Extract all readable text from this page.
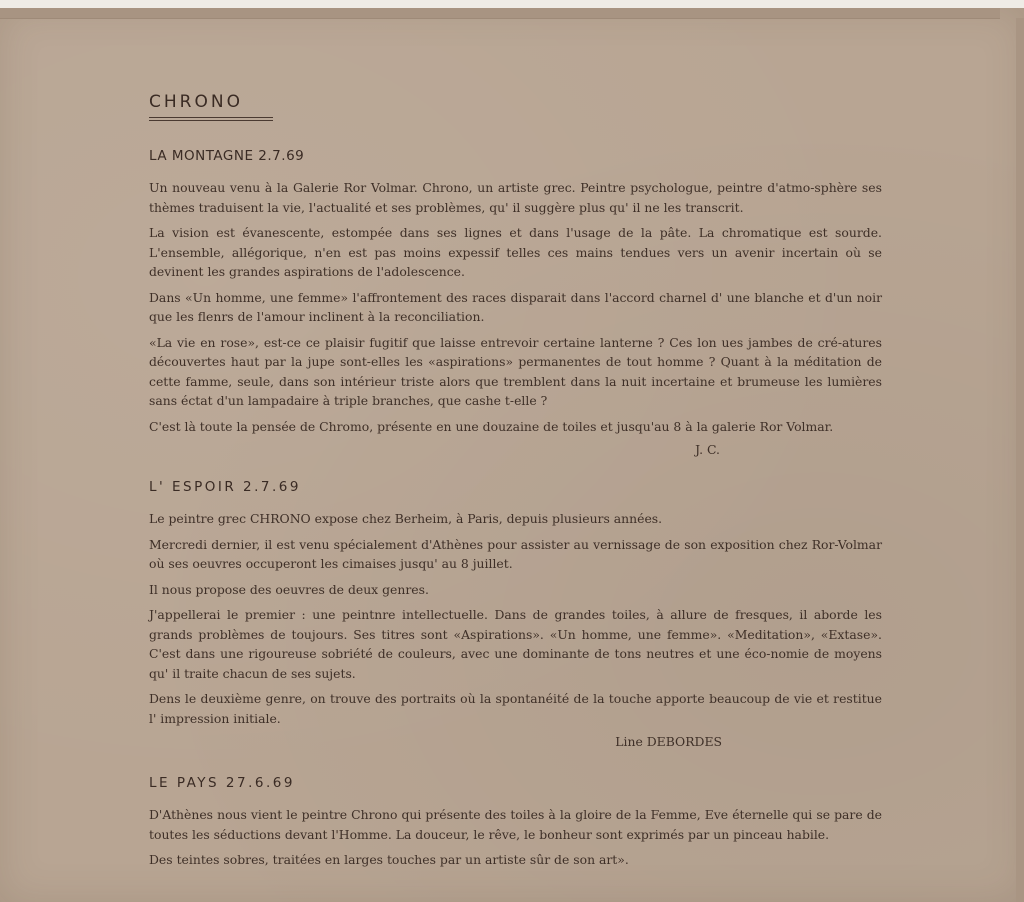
CHRONO
LA MONTAGNE 2.7.69

Un nouveau venu à la Galerie Ror Volmar. Chrono, un artiste grec. Peintre psychologue, peintre d'atmo-sphère ses thèmes traduisent la vie, l'actualité et ses problèmes, qu' il suggère plus qu' il ne les transcrit.

La vision est évanescente, estompée dans ses lignes et dans l'usage de la pâte. La chromatique est sourde. L'ensemble, allégorique, n'en est pas moins expessif telles ces mains tendues vers un avenir incertain où se devinent les grandes aspirations de l'adolescence.

Dans «Un homme, une femme» l'affrontement des races disparait dans l'accord charnel d' une blanche et d'un noir que les flenrs de l'amour inclinent à la reconciliation.

«La vie en rose», est-ce ce plaisir fugitif que laisse entrevoir certaine lanterne ? Ces lon ues jambes de cré-atures découvertes haut par la jupe sont-elles les «aspirations» permanentes de tout homme ? Quant à la méditation de cette famme, seule, dans son intérieur triste alors que tremblent dans la nuit incertaine et brumeuse les lumières sans éctat d'un lampadaire à triple branches, que cashe t-elle ?

C'est là toute la pensée de Chromo, présente en une douzaine de toiles et jusqu'au 8 à la galerie Ror Volmar.

J. C.
L' ESPOIR 2.7.69

Le peintre grec CHRONO expose chez Berheim, à Paris, depuis plusieurs années.

Mercredi dernier, il est venu spécialement d'Athènes pour assister au vernissage de son exposition chez Ror-Volmar où ses oeuvres occuperont les cimaises jusqu' au 8 juillet.

Il nous propose des oeuvres de deux genres.

J'appellerai le premier : une peintnre intellectuelle. Dans de grandes toiles, à allure de fresques, il aborde les grands problèmes de toujours. Ses titres sont «Aspirations». «Un homme, une femme». «Meditation», «Extase». C'est dans une rigoureuse sobriété de couleurs, avec une dominante de tons neutres et une éco-nomie de moyens qu' il traite chacun de ses sujets.

Dens le deuxième genre, on trouve des portraits où la spontanéité de la touche apporte beaucoup de vie et restitue l' impression initiale.

Line DEBORDES
LE PAYS 27.6.69

D'Athènes nous vient le peintre Chrono qui présente des toiles à la gloire de la Femme, Eve éternelle qui se pare de toutes les séductions devant l'Homme. La douceur, le rêve, le bonheur sont exprimés par un pinceau habile.

Des teintes sobres, traitées en larges touches par un artiste sûr de son art».
